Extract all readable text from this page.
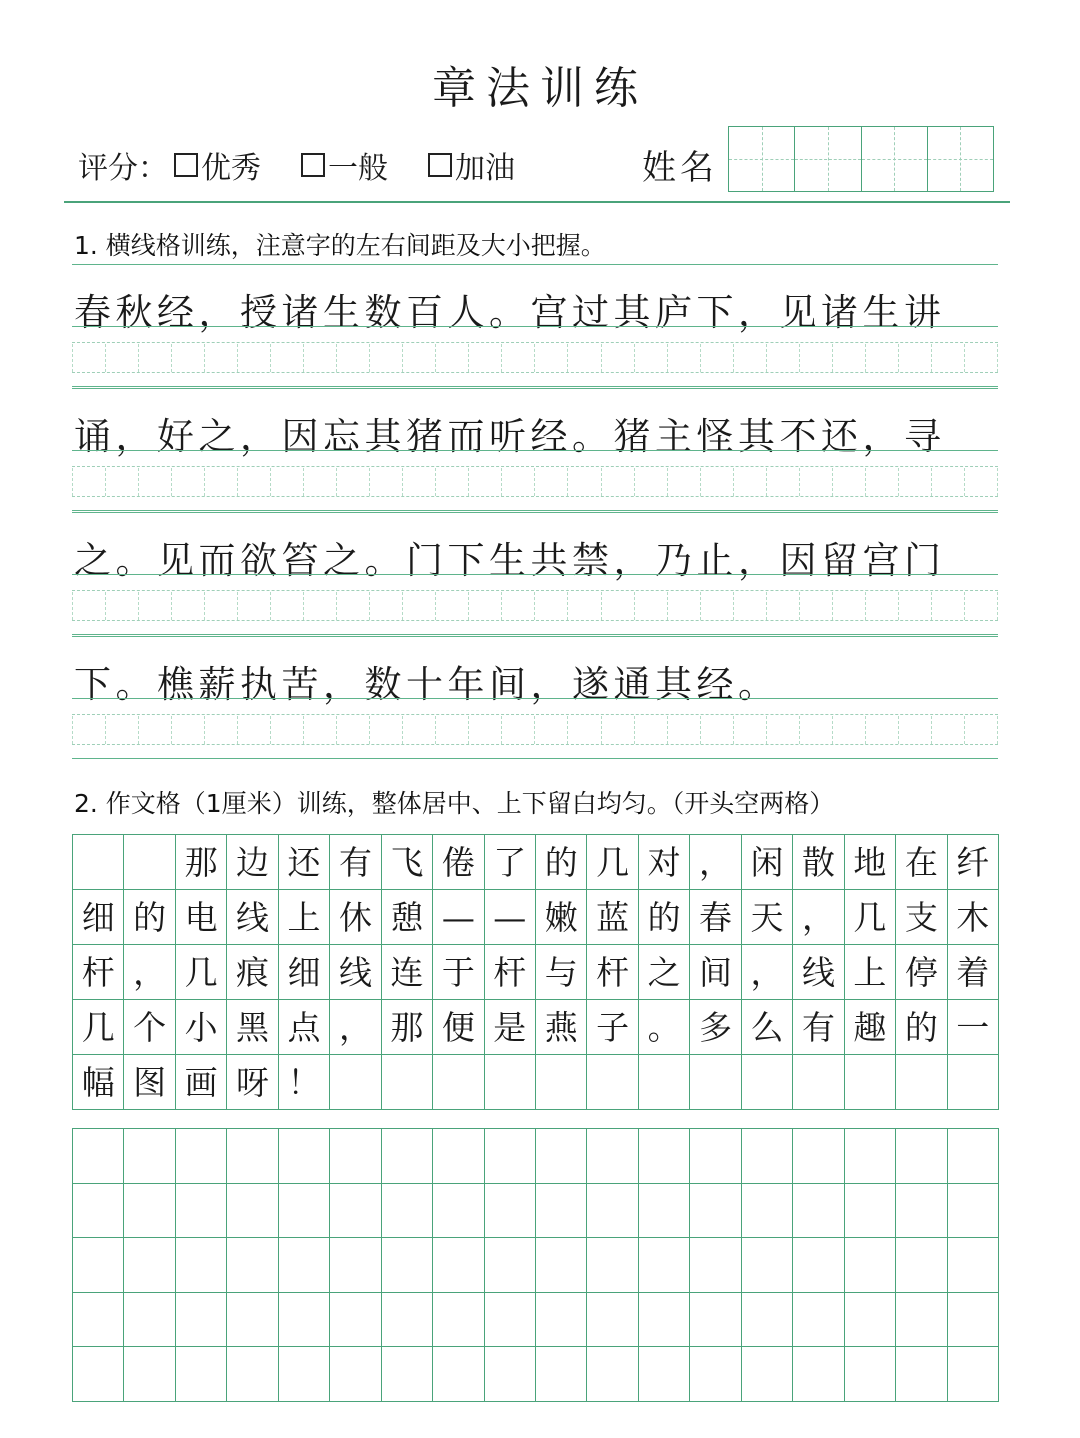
章法训练
评分： 优秀 一般 加油	姓名
1. 横线格训练，注意字的左右间距及大小把握。
春秋经，授诸生数百人。宫过其庐下，见诸生讲
诵，好之，因忘其猪而听经。猪主怪其不还，寻
之。见而欲笞之。门下生共禁，乃止，因留宫门
下。樵薪执苦，数十年间，遂通其经。
2. 作文格（1厘米）训练，整体居中、上下留白均匀。（开头空两格）
那 边 还 有 飞 倦 了 的 几 对 ， 闲 散 地 在 纤
细 的 电 线 上 休 憩 — — 嫩 蓝 的 春 天 ， 几 支 木
杆 ， 几 痕 细 线 连 于 杆 与 杆 之 间 ， 线 上 停 着
几 个 小 黑 点 ， 那 便 是 燕 子 。 多 么 有 趣 的 一
幅 图 画 呀 ！
